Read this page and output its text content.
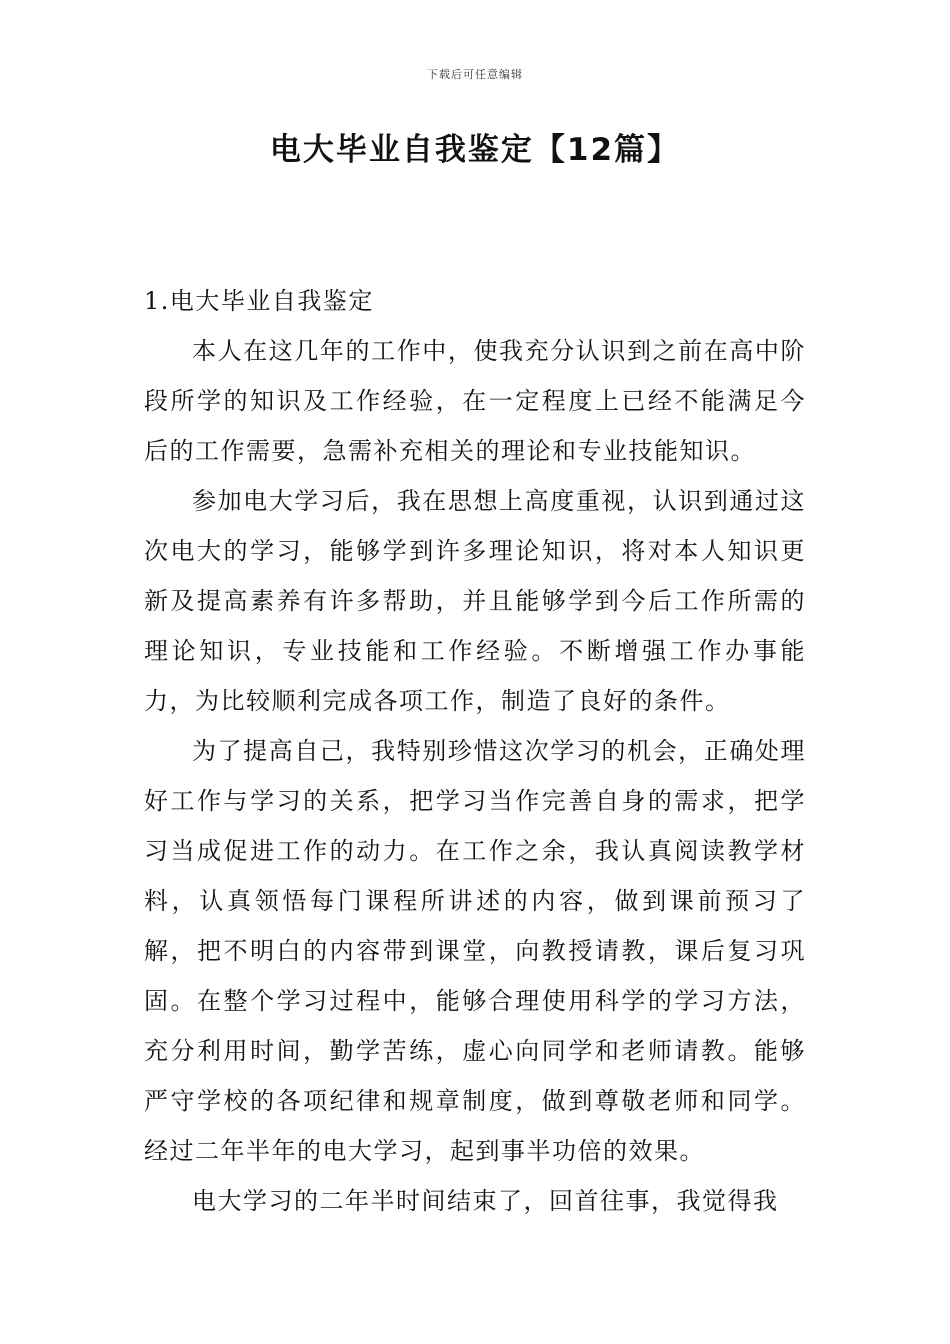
下载后可任意编辑
电大毕业自我鉴定【12篇】
1.电大毕业自我鉴定

本人在这几年的工作中，使我充分认识到之前在高中阶段所学的知识及工作经验，在一定程度上已经不能满足今后的工作需要，急需补充相关的理论和专业技能知识。

参加电大学习后，我在思想上高度重视，认识到通过这次电大的学习，能够学到许多理论知识，将对本人知识更新及提高素养有许多帮助，并且能够学到今后工作所需的理论知识，专业技能和工作经验。不断增强工作办事能力，为比较顺利完成各项工作，制造了良好的条件。

为了提高自己，我特别珍惜这次学习的机会，正确处理好工作与学习的关系，把学习当作完善自身的需求，把学习当成促进工作的动力。在工作之余，我认真阅读教学材料，认真领悟每门课程所讲述的内容，做到课前预习了解，把不明白的内容带到课堂，向教授请教，课后复习巩固。在整个学习过程中，能够合理使用科学的学习方法，充分利用时间，勤学苦练，虚心向同学和老师请教。能够严守学校的各项纪律和规章制度，做到尊敬老师和同学。经过二年半年的电大学习，起到事半功倍的效果。

电大学习的二年半时间结束了，回首往事，我觉得我
